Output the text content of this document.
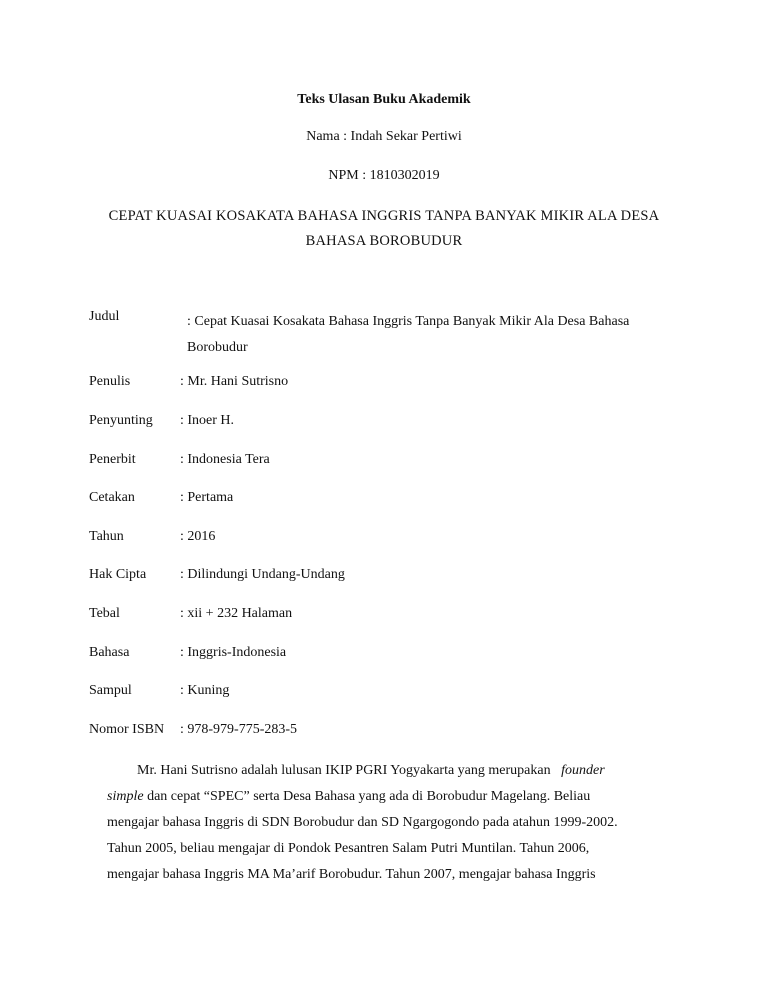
Teks Ulasan Buku Akademik
Nama : Indah Sekar Pertiwi
NPM : 1810302019
CEPAT KUASAI KOSAKATA BAHASA INGGRIS TANPA BANYAK MIKIR ALA DESA
BAHASA BOROBUDUR
Judul	: Cepat Kuasai Kosakata Bahasa Inggris Tanpa Banyak Mikir Ala Desa Bahasa
Borobudur
Penulis	: Mr. Hani Sutrisno
Penyunting : Inoer H.
Penerbit	: Indonesia Tera
Cetakan	: Pertama
Tahun	: 2016
Hak Cipta : Dilindungi Undang-Undang
Tebal	: xii + 232 Halaman
Bahasa	: Inggris-Indonesia
Sampul	: Kuning
Nomor ISBN : 978-979-775-283-5
Mr. Hani Sutrisno adalah lulusan IKIP PGRI Yogyakarta yang merupakan founder
simple dan cepat “SPEC” serta Desa Bahasa yang ada di Borobudur Magelang. Beliau
mengajar bahasa Inggris di SDN Borobudur dan SD Ngargogondo pada atahun 1999-2002.
Tahun 2005, beliau mengajar di Pondok Pesantren Salam Putri Muntilan. Tahun 2006,
mengajar bahasa Inggris MA Ma’arif Borobudur. Tahun 2007, mengajar bahasa Inggris
